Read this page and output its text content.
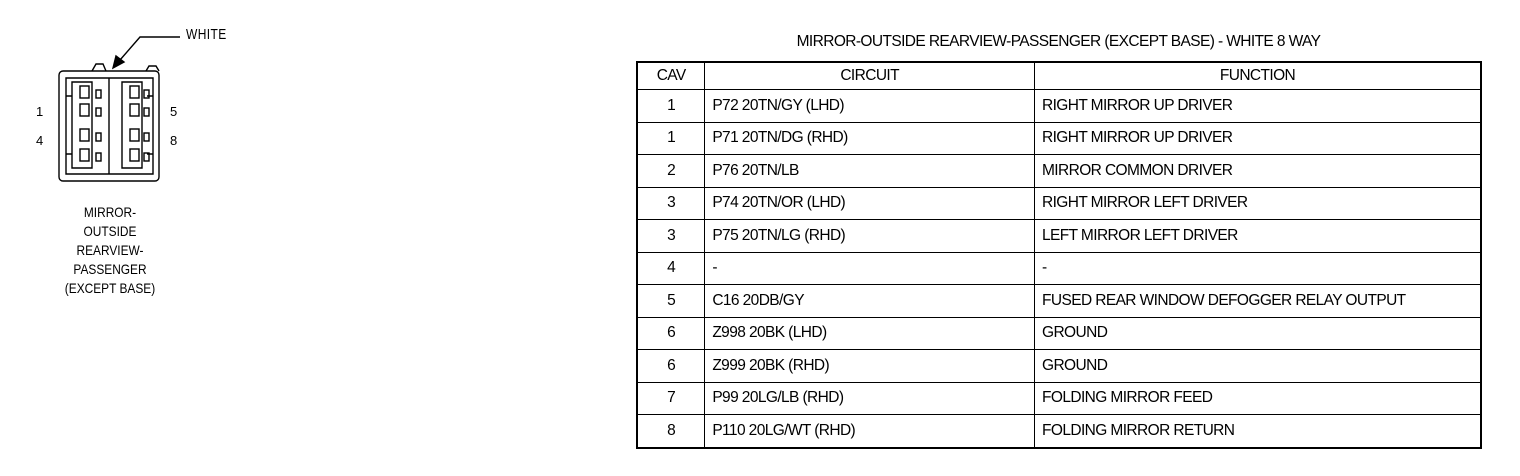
WHITE
1
4
5
8
MIRROR-
OUTSIDE
REARVIEW-
PASSENGER
(EXCEPT BASE)
MIRROR-OUTSIDE REARVIEW-PASSENGER (EXCEPT BASE) - WHITE 8 WAY
CAV	CIRCUIT	FUNCTION
1	P72 20TN/GY (LHD)	RIGHT MIRROR UP DRIVER
1	P71 20TN/DG (RHD)	RIGHT MIRROR UP DRIVER
2	P76 20TN/LB	MIRROR COMMON DRIVER
3	P74 20TN/OR (LHD)	RIGHT MIRROR LEFT DRIVER
3	P75 20TN/LG (RHD)	LEFT MIRROR LEFT DRIVER
4	-	-
5	C16 20DB/GY	FUSED REAR WINDOW DEFOGGER RELAY OUTPUT
6	Z998 20BK (LHD)	GROUND
6	Z999 20BK (RHD)	GROUND
7	P99 20LG/LB (RHD)	FOLDING MIRROR FEED
8	P110 20LG/WT (RHD)	FOLDING MIRROR RETURN
